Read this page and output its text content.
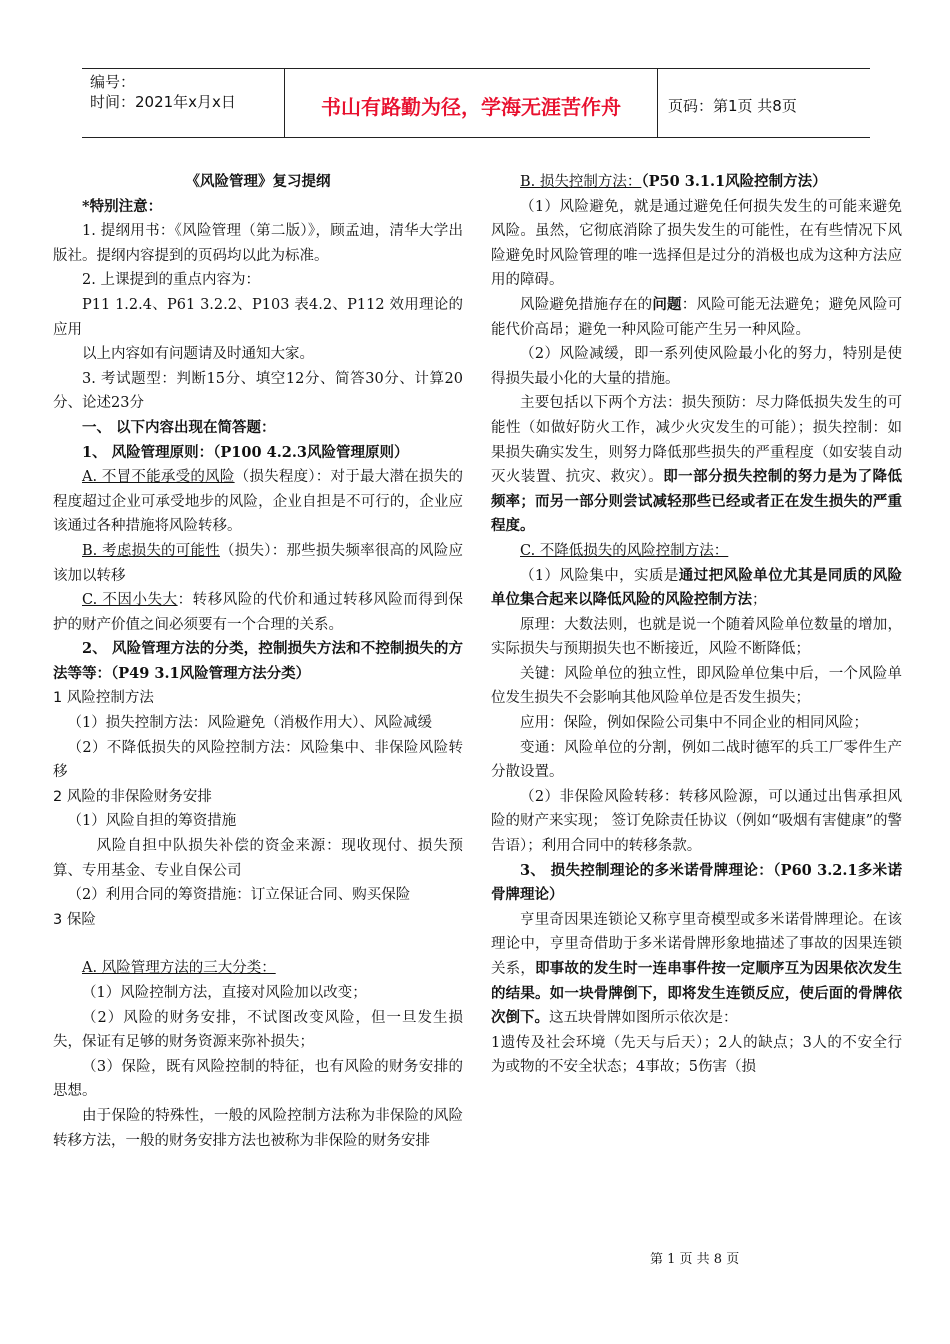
编号：
时间：2021年x月x日	书山有路勤为径，学海无涯苦作舟	页码：第1页 共8页

《风险管理》复习提纲

*特别注意：

1. 提纲用书：《风险管理（第二版）》，顾孟迪，清华大学出版社。提纲内容提到的页码均以此为标准。

2. 上课提到的重点内容为：

P11 1.2.4、P61 3.2.2、P103 表4.2、P112 效用理论的应用

以上内容如有问题请及时通知大家。

3. 考试题型：判断15分、填空12分、简答30分、计算20分、论述23分

一、 以下内容出现在简答题：

1、 风险管理原则：（P100 4.2.3风险管理原则）

A. 不冒不能承受的风险（损失程度）：对于最大潜在损失的程度超过企业可承受地步的风险，企业自担是不可行的，企业应该通过各种措施将风险转移。

B. 考虑损失的可能性（损失）：那些损失频率很高的风险应该加以转移

C. 不因小失大：转移风险的代价和通过转移风险而得到保护的财产价值之间必须要有一个合理的关系。

2、 风险管理方法的分类，控制损失方法和不控制损失的方法等等：（P49 3.1风险管理方法分类）

1 风险控制方法

（1）损失控制方法：风险避免（消极作用大）、风险减缓

（2）不降低损失的风险控制方法：风险集中、非保险风险转移

2 风险的非保险财务安排

（1）风险自担的筹资措施

风险自担中队损失补偿的资金来源：现收现付、损失预算、专用基金、专业自保公司

（2）利用合同的筹资措施：订立保证合同、购买保险

3 保险

A. 风险管理方法的三大分类：

（1）风险控制方法，直接对风险加以改变；

（2）风险的财务安排，不试图改变风险，但一旦发生损失，保证有足够的财务资源来弥补损失；

（3）保险，既有风险控制的特征，也有风险的财务安排的思想。

由于保险的特殊性，一般的风险控制方法称为非保险的风险转移方法，一般的财务安排方法也被称为非保险的财务安排

B. 损失控制方法：（P50 3.1.1风险控制方法）

（1）风险避免，就是通过避免任何损失发生的可能来避免风险。虽然，它彻底消除了损失发生的可能性，在有些情况下风险避免时风险管理的唯一选择但是过分的消极也成为这种方法应用的障碍。

风险避免措施存在的问题：风险可能无法避免；避免风险可能代价高昂；避免一种风险可能产生另一种风险。

（2）风险减缓，即一系列使风险最小化的努力，特别是使得损失最小化的大量的措施。

主要包括以下两个方法：损失预防：尽力降低损失发生的可能性（如做好防火工作，减少火灾发生的可能）；损失控制：如果损失确实发生，则努力降低那些损失的严重程度（如安装自动灭火装置、抗灾、救灾）。即一部分损失控制的努力是为了降低频率；而另一部分则尝试减轻那些已经或者正在发生损失的严重程度。

C. 不降低损失的风险控制方法：

（1）风险集中，实质是通过把风险单位尤其是同质的风险单位集合起来以降低风险的风险控制方法；

原理：大数法则，也就是说一个随着风险单位数量的增加，实际损失与预期损失也不断接近，风险不断降低；

关键：风险单位的独立性，即风险单位集中后，一个风险单位发生损失不会影响其他风险单位是否发生损失；

应用：保险，例如保险公司集中不同企业的相同风险；

变通：风险单位的分割，例如二战时德军的兵工厂零件生产分散设置。

（2）非保险风险转移：转移风险源，可以通过出售承担风险的财产来实现； 签订免除责任协议（例如“吸烟有害健康”的警告语）；利用合同中的转移条款。

3、 损失控制理论的多米诺骨牌理论：（P60 3.2.1多米诺骨牌理论）

亨里奇因果连锁论又称亨里奇模型或多米诺骨牌理论。在该理论中，亨里奇借助于多米诺骨牌形象地描述了事故的因果连锁关系，即事故的发生时一连串事件按一定顺序互为因果依次发生的结果。如一块骨牌倒下，即将发生连锁反应，使后面的骨牌依次倒下。这五块骨牌如图所示依次是：

1遗传及社会环境（先天与后天）；2人的缺点；3人的不安全行为或物的不安全状态；4事故；5伤害（损

第 1 页 共 8 页
